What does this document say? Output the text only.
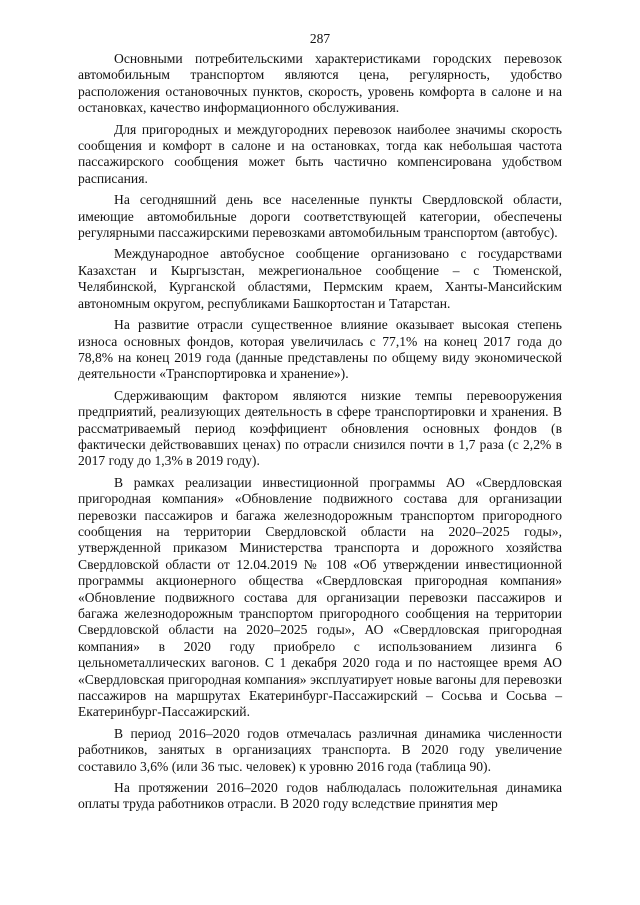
287

Основными потребительскими характеристиками городских перевозок автомобильным транспортом являются цена, регулярность, удобство расположения остановочных пунктов, скорость, уровень комфорта в салоне и на остановках, качество информационного обслуживания.

Для пригородных и междугородних перевозок наиболее значимы скорость сообщения и комфорт в салоне и на остановках, тогда как небольшая частота пассажирского сообщения может быть частично компенсирована удобством расписания.

На сегодняшний день все населенные пункты Свердловской области, имеющие автомобильные дороги соответствующей категории, обеспечены регулярными пассажирскими перевозками автомобильным транспортом (автобус).

Международное автобусное сообщение организовано с государствами Казахстан и Кыргызстан, межрегиональное сообщение – с Тюменской, Челябинской, Курганской областями, Пермским краем, Ханты-Мансийским автономным округом, республиками Башкортостан и Татарстан.

На развитие отрасли существенное влияние оказывает высокая степень износа основных фондов, которая увеличилась с 77,1% на конец 2017 года до 78,8% на конец 2019 года (данные представлены по общему виду экономической деятельности «Транспортировка и хранение»).

Сдерживающим фактором являются низкие темпы перевооружения предприятий, реализующих деятельность в сфере транспортировки и хранения. В рассматриваемый период коэффициент обновления основных фондов (в фактически действовавших ценах) по отрасли снизился почти в 1,7 раза (с 2,2% в 2017 году до 1,3% в 2019 году).

В рамках реализации инвестиционной программы АО «Свердловская пригородная компания» «Обновление подвижного состава для организации перевозки пассажиров и багажа железнодорожным транспортом пригородного сообщения на территории Свердловской области на 2020–2025 годы», утвержденной приказом Министерства транспорта и дорожного хозяйства Свердловской области от 12.04.2019 № 108 «Об утверждении инвестиционной программы акционерного общества «Свердловская пригородная компания» «Обновление подвижного состава для организации перевозки пассажиров и багажа железнодорожным транспортом пригородного сообщения на территории Свердловской области на 2020–2025 годы», АО «Свердловская пригородная компания» в 2020 году приобрело с использованием лизинга 6 цельнометаллических вагонов. С 1 декабря 2020 года и по настоящее время АО «Свердловская пригородная компания» эксплуатирует новые вагоны для перевозки пассажиров на маршрутах Екатеринбург-Пассажирский – Сосьва и Сосьва – Екатеринбург-Пассажирский.

В период 2016–2020 годов отмечалась различная динамика численности работников, занятых в организациях транспорта. В 2020 году увеличение составило 3,6% (или 36 тыс. человек) к уровню 2016 года (таблица 90).

На протяжении 2016–2020 годов наблюдалась положительная динамика оплаты труда работников отрасли. В 2020 году вследствие принятия мер
